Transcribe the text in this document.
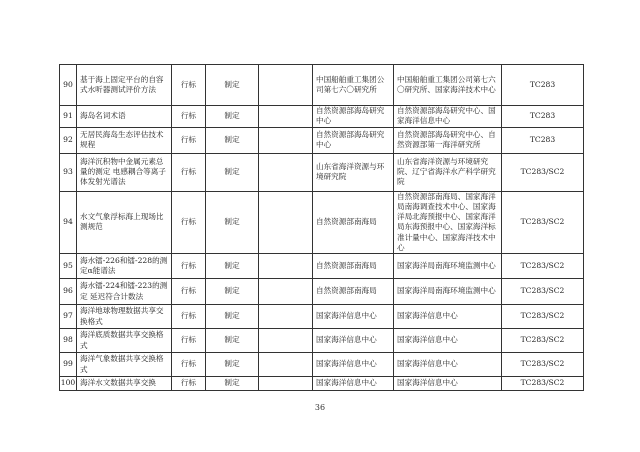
90	基于海上固定平台的自容式水听器测试评价方法	行标	制定		中国船舶重工集团公司第七六〇研究所	中国船舶重工集团公司第七六〇研究所、国家海洋技术中心	TC283
91	海岛名词术语	行标	制定		自然资源部海岛研究中心	自然资源部海岛研究中心、国家海洋信息中心	TC283
92	无居民海岛生态评估技术规程	行标	制定		自然资源部海岛研究中心	自然资源部海岛研究中心、自然资源部第一海洋研究所	TC283
93	海洋沉积物中金属元素总量的测定 电感耦合等离子体发射光谱法	行标	制定		山东省海洋资源与环境研究院	山东省海洋资源与环境研究院、辽宁省海洋水产科学研究院	TC283/SC2
94	水文气象浮标海上现场比测规范	行标	制定		自然资源部南海局	自然资源部南海局、国家海洋局南海调查技术中心、国家海洋局北海预报中心、国家海洋局东海预报中心、国家海洋标准计量中心、国家海洋技术中心	TC283/SC2
95	海水镭-226和镭-228的测定α能谱法	行标	制定		自然资源部南海局	国家海洋局南海环境监测中心	TC283/SC2
96	海水镭-224和镭-223的测定 延迟符合计数法	行标	制定		自然资源部南海局	国家海洋局南海环境监测中心	TC283/SC2
97	海洋地球物理数据共享交换格式	行标	制定		国家海洋信息中心	国家海洋信息中心	TC283/SC2
98	海洋底质数据共享交换格式	行标	制定		国家海洋信息中心	国家海洋信息中心	TC283/SC2
99	海洋气象数据共享交换格式	行标	制定		国家海洋信息中心	国家海洋信息中心	TC283/SC2
100	海洋水文数据共享交换	行标	制定		国家海洋信息中心	国家海洋信息中心	TC283/SC2
36
